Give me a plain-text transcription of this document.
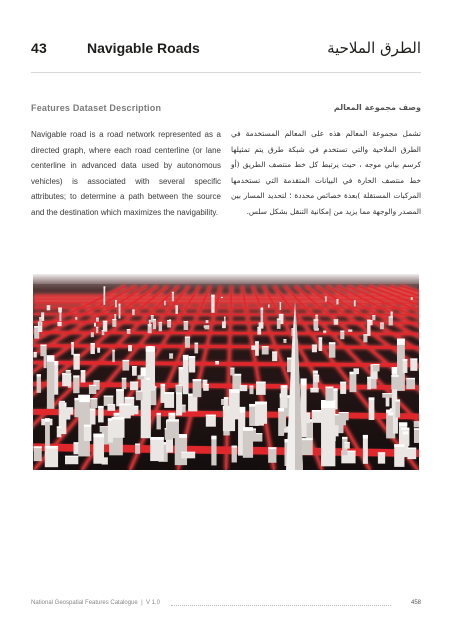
43	Navigable Roads	الطرق الملاحية

Features Dataset Description

Navigable road is a road network represented as a directed graph, where each road centerline (or lane centerline in advanced data used by autonomous vehicles) is associated with several specific attributes; to determine a path between the source and the destination which maximizes the navigability.

وصف مجموعة المعالم

تشمل مجموعة المعالم هذه على المعالم المستخدمة في الطرق الملاحية والتي تستخدم في شبكة طرق يتم تمثيلها كرسم بياني موجه ، حيث يرتبط كل خط منتصف الطريق (أو خط منتصف الحارة في البيانات المتقدمة التي تستخدمها المركبات المستقلة )بعدة خصائص محددة ؛ لتحديد المسار بين المصدر والوجهة مما يزيد من إمكانية التنقل بشكل سلس.

National Geospatial Features Catalogue | V 1.0	458
